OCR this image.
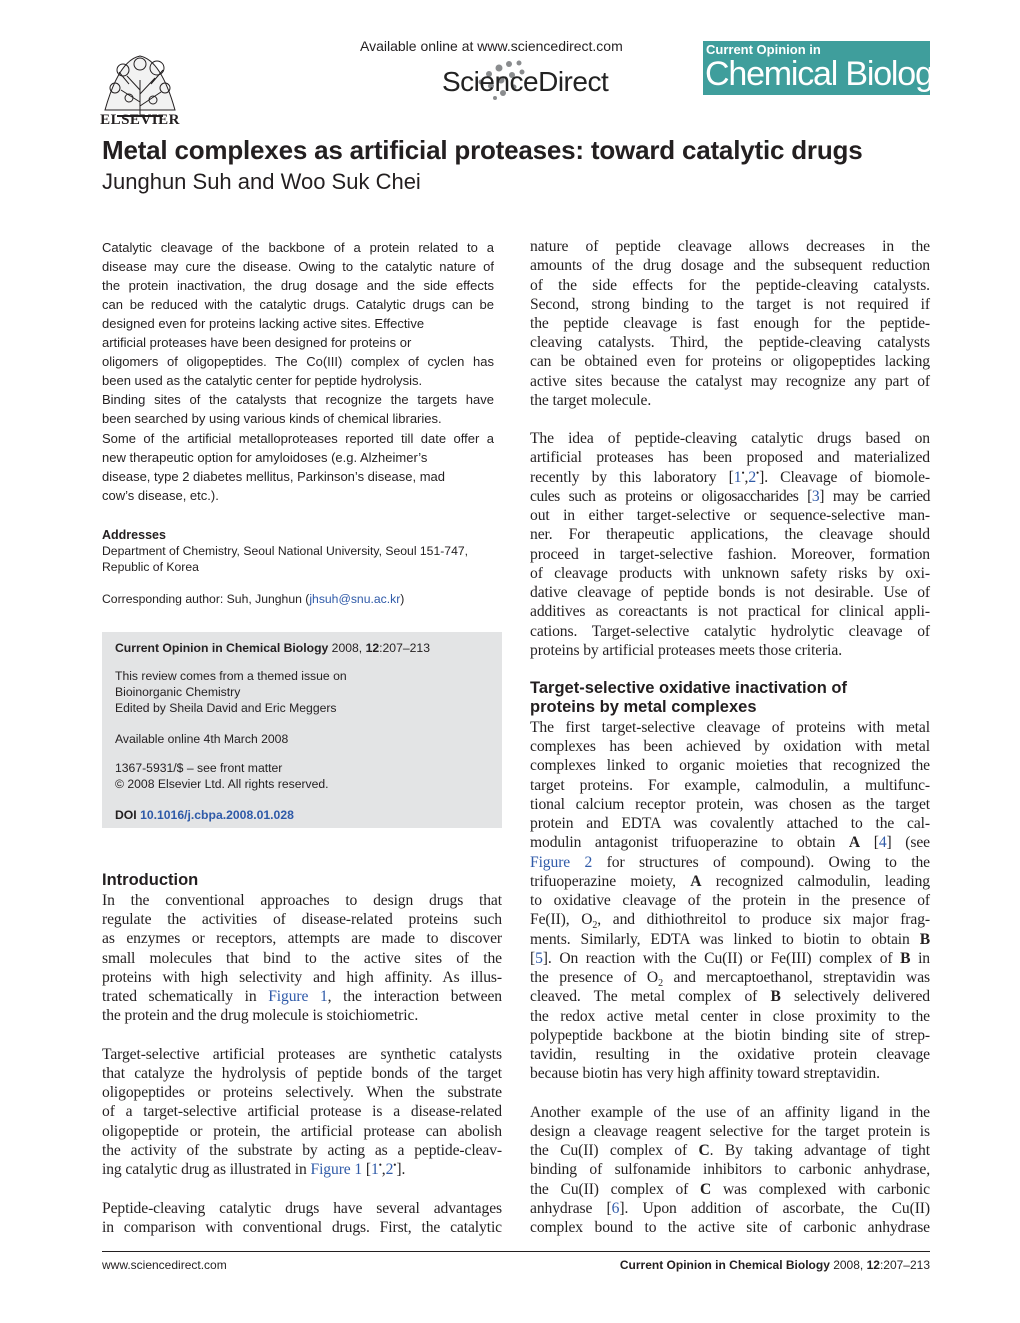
ELSEVIER
Available online at www.sciencedirect.com
ScienceDirect
Current Opinion in
Chemical Biology
Metal complexes as artificial proteases: toward catalytic drugs
Junghun Suh and Woo Suk Chei
Catalytic cleavage of the backbone of a protein related to a
disease may cure the disease. Owing to the catalytic nature of
the protein inactivation, the drug dosage and the side effects
can be reduced with the catalytic drugs. Catalytic drugs can be
designed even for proteins lacking active sites. Effective
artificial proteases have been designed for proteins or
oligomers of oligopeptides. The Co(III) complex of cyclen has
been used as the catalytic center for peptide hydrolysis.
Binding sites of the catalysts that recognize the targets have
been searched by using various kinds of chemical libraries.
Some of the artificial metalloproteases reported till date offer a
new therapeutic option for amyloidoses (e.g. Alzheimer’s
disease, type 2 diabetes mellitus, Parkinson’s disease, mad
cow’s disease, etc.).
Addresses
Department of Chemistry, Seoul National University, Seoul 151-747,
Republic of Korea
Corresponding author: Suh, Junghun (jhsuh@snu.ac.kr)
Current Opinion in Chemical Biology 2008, 12:207–213
This review comes from a themed issue on
Bioinorganic Chemistry
Edited by Sheila David and Eric Meggers
Available online 4th March 2008
1367-5931/$ – see front matter
© 2008 Elsevier Ltd. All rights reserved.
DOI 10.1016/j.cbpa.2008.01.028
Introduction
In the conventional approaches to design drugs that
regulate the activities of disease-related proteins such
as enzymes or receptors, attempts are made to discover
small molecules that bind to the active sites of the
proteins with high selectivity and high affinity. As illus-
trated schematically in Figure 1, the interaction between
the protein and the drug molecule is stoichiometric.
Target-selective artificial proteases are synthetic catalysts
that catalyze the hydrolysis of peptide bonds of the target
oligopeptides or proteins selectively. When the substrate
of a target-selective artificial protease is a disease-related
oligopeptide or protein, the artificial protease can abolish
the activity of the substrate by acting as a peptide-cleav-
ing catalytic drug as illustrated in Figure 1 [1•,2•].
Peptide-cleaving catalytic drugs have several advantages
in comparison with conventional drugs. First, the catalytic
nature of peptide cleavage allows decreases in the
amounts of the drug dosage and the subsequent reduction
of the side effects for the peptide-cleaving catalysts.
Second, strong binding to the target is not required if
the peptide cleavage is fast enough for the peptide-
cleaving catalysts. Third, the peptide-cleaving catalysts
can be obtained even for proteins or oligopeptides lacking
active sites because the catalyst may recognize any part of
the target molecule.
The idea of peptide-cleaving catalytic drugs based on
artificial proteases has been proposed and materialized
recently by this laboratory [1•,2•]. Cleavage of biomole-
cules such as proteins or oligosaccharides [3] may be carried
out in either target-selective or sequence-selective man-
ner. For therapeutic applications, the cleavage should
proceed in target-selective fashion. Moreover, formation
of cleavage products with unknown safety risks by oxi-
dative cleavage of peptide bonds is not desirable. Use of
additives as coreactants is not practical for clinical appli-
cations. Target-selective catalytic hydrolytic cleavage of
proteins by artificial proteases meets those criteria.
Target-selective oxidative inactivation of
proteins by metal complexes
The first target-selective cleavage of proteins with metal
complexes has been achieved by oxidation with metal
complexes linked to organic moieties that recognized the
target proteins. For example, calmodulin, a multifunc-
tional calcium receptor protein, was chosen as the target
protein and EDTA was covalently attached to the cal-
modulin antagonist trifuoperazine to obtain A [4] (see
Figure 2 for structures of compound). Owing to the
trifuoperazine moiety, A recognized calmodulin, leading
to oxidative cleavage of the protein in the presence of
Fe(II), $O_2$, and dithiothreitol to produce six major frag-
ments. Similarly, EDTA was linked to biotin to obtain B
[5]. On reaction with the Cu(II) or Fe(III) complex of B in
the presence of $O_2$ and mercaptoethanol, streptavidin was
cleaved. The metal complex of B selectively delivered
the redox active metal center in close proximity to the
polypeptide backbone at the biotin binding site of strep-
tavidin, resulting in the oxidative protein cleavage
because biotin has very high affinity toward streptavidin.
Another example of the use of an affinity ligand in the
design a cleavage reagent selective for the target protein is
the Cu(II) complex of C. By taking advantage of tight
binding of sulfonamide inhibitors to carbonic anhydrase,
the Cu(II) complex of C was complexed with carbonic
anhydrase [6]. Upon addition of ascorbate, the Cu(II)
complex bound to the active site of carbonic anhydrase
www.sciencedirect.com	Current Opinion in Chemical Biology 2008, 12:207–213
